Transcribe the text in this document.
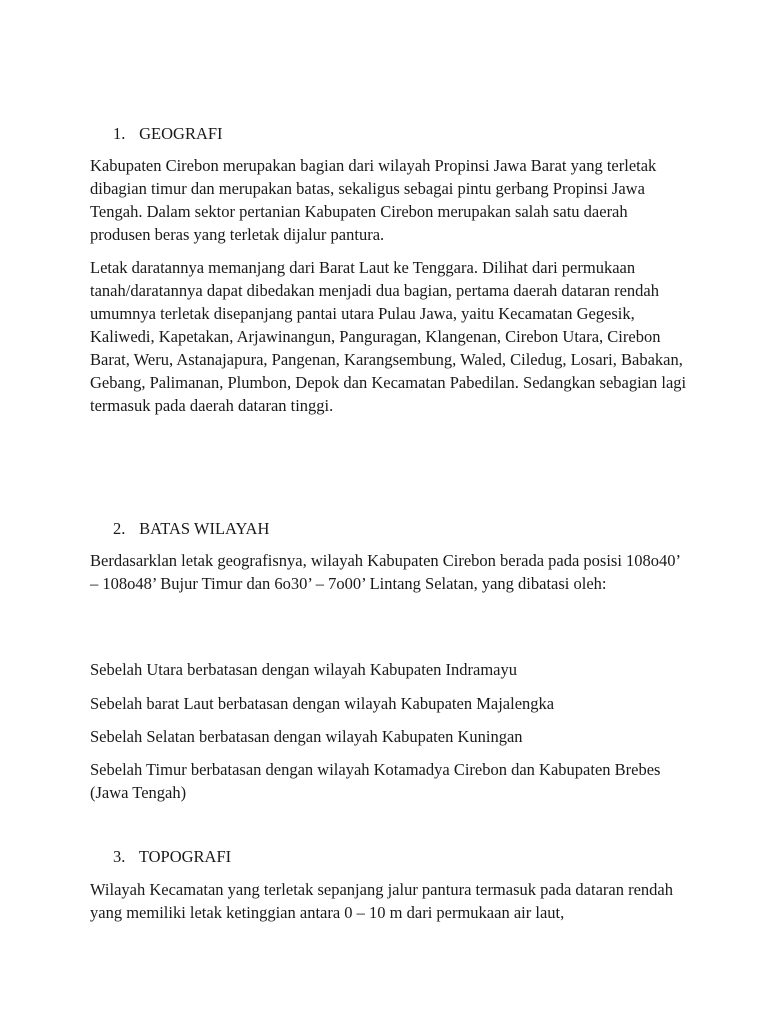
1. GEOGRAFI

Kabupaten Cirebon merupakan bagian dari wilayah Propinsi Jawa Barat yang terletak dibagian timur dan merupakan batas, sekaligus sebagai pintu gerbang Propinsi Jawa Tengah. Dalam sektor pertanian Kabupaten Cirebon merupakan salah satu daerah produsen beras yang terletak dijalur pantura.

Letak daratannya memanjang dari Barat Laut ke Tenggara. Dilihat dari permukaan tanah/daratannya dapat dibedakan menjadi dua bagian, pertama daerah dataran rendah umumnya terletak disepanjang pantai utara Pulau Jawa, yaitu Kecamatan Gegesik, Kaliwedi, Kapetakan, Arjawinangun, Panguragan, Klangenan, Cirebon Utara, Cirebon Barat, Weru, Astanajapura, Pangenan, Karangsembung, Waled, Ciledug, Losari, Babakan, Gebang, Palimanan, Plumbon, Depok dan Kecamatan Pabedilan. Sedangkan sebagian lagi termasuk pada daerah dataran tinggi.

2. BATAS WILAYAH

Berdasarklan letak geografisnya, wilayah Kabupaten Cirebon berada pada posisi 108o40’ – 108o48’ Bujur Timur dan 6o30’ – 7o00’ Lintang Selatan, yang dibatasi oleh:

Sebelah Utara berbatasan dengan wilayah Kabupaten Indramayu

Sebelah barat Laut berbatasan dengan wilayah Kabupaten Majalengka

Sebelah Selatan berbatasan dengan wilayah Kabupaten Kuningan

Sebelah Timur berbatasan dengan wilayah Kotamadya Cirebon dan Kabupaten Brebes (Jawa Tengah)

3. TOPOGRAFI

Wilayah Kecamatan yang terletak sepanjang jalur pantura termasuk pada dataran rendah yang memiliki letak ketinggian antara 0 – 10 m dari permukaan air laut,
